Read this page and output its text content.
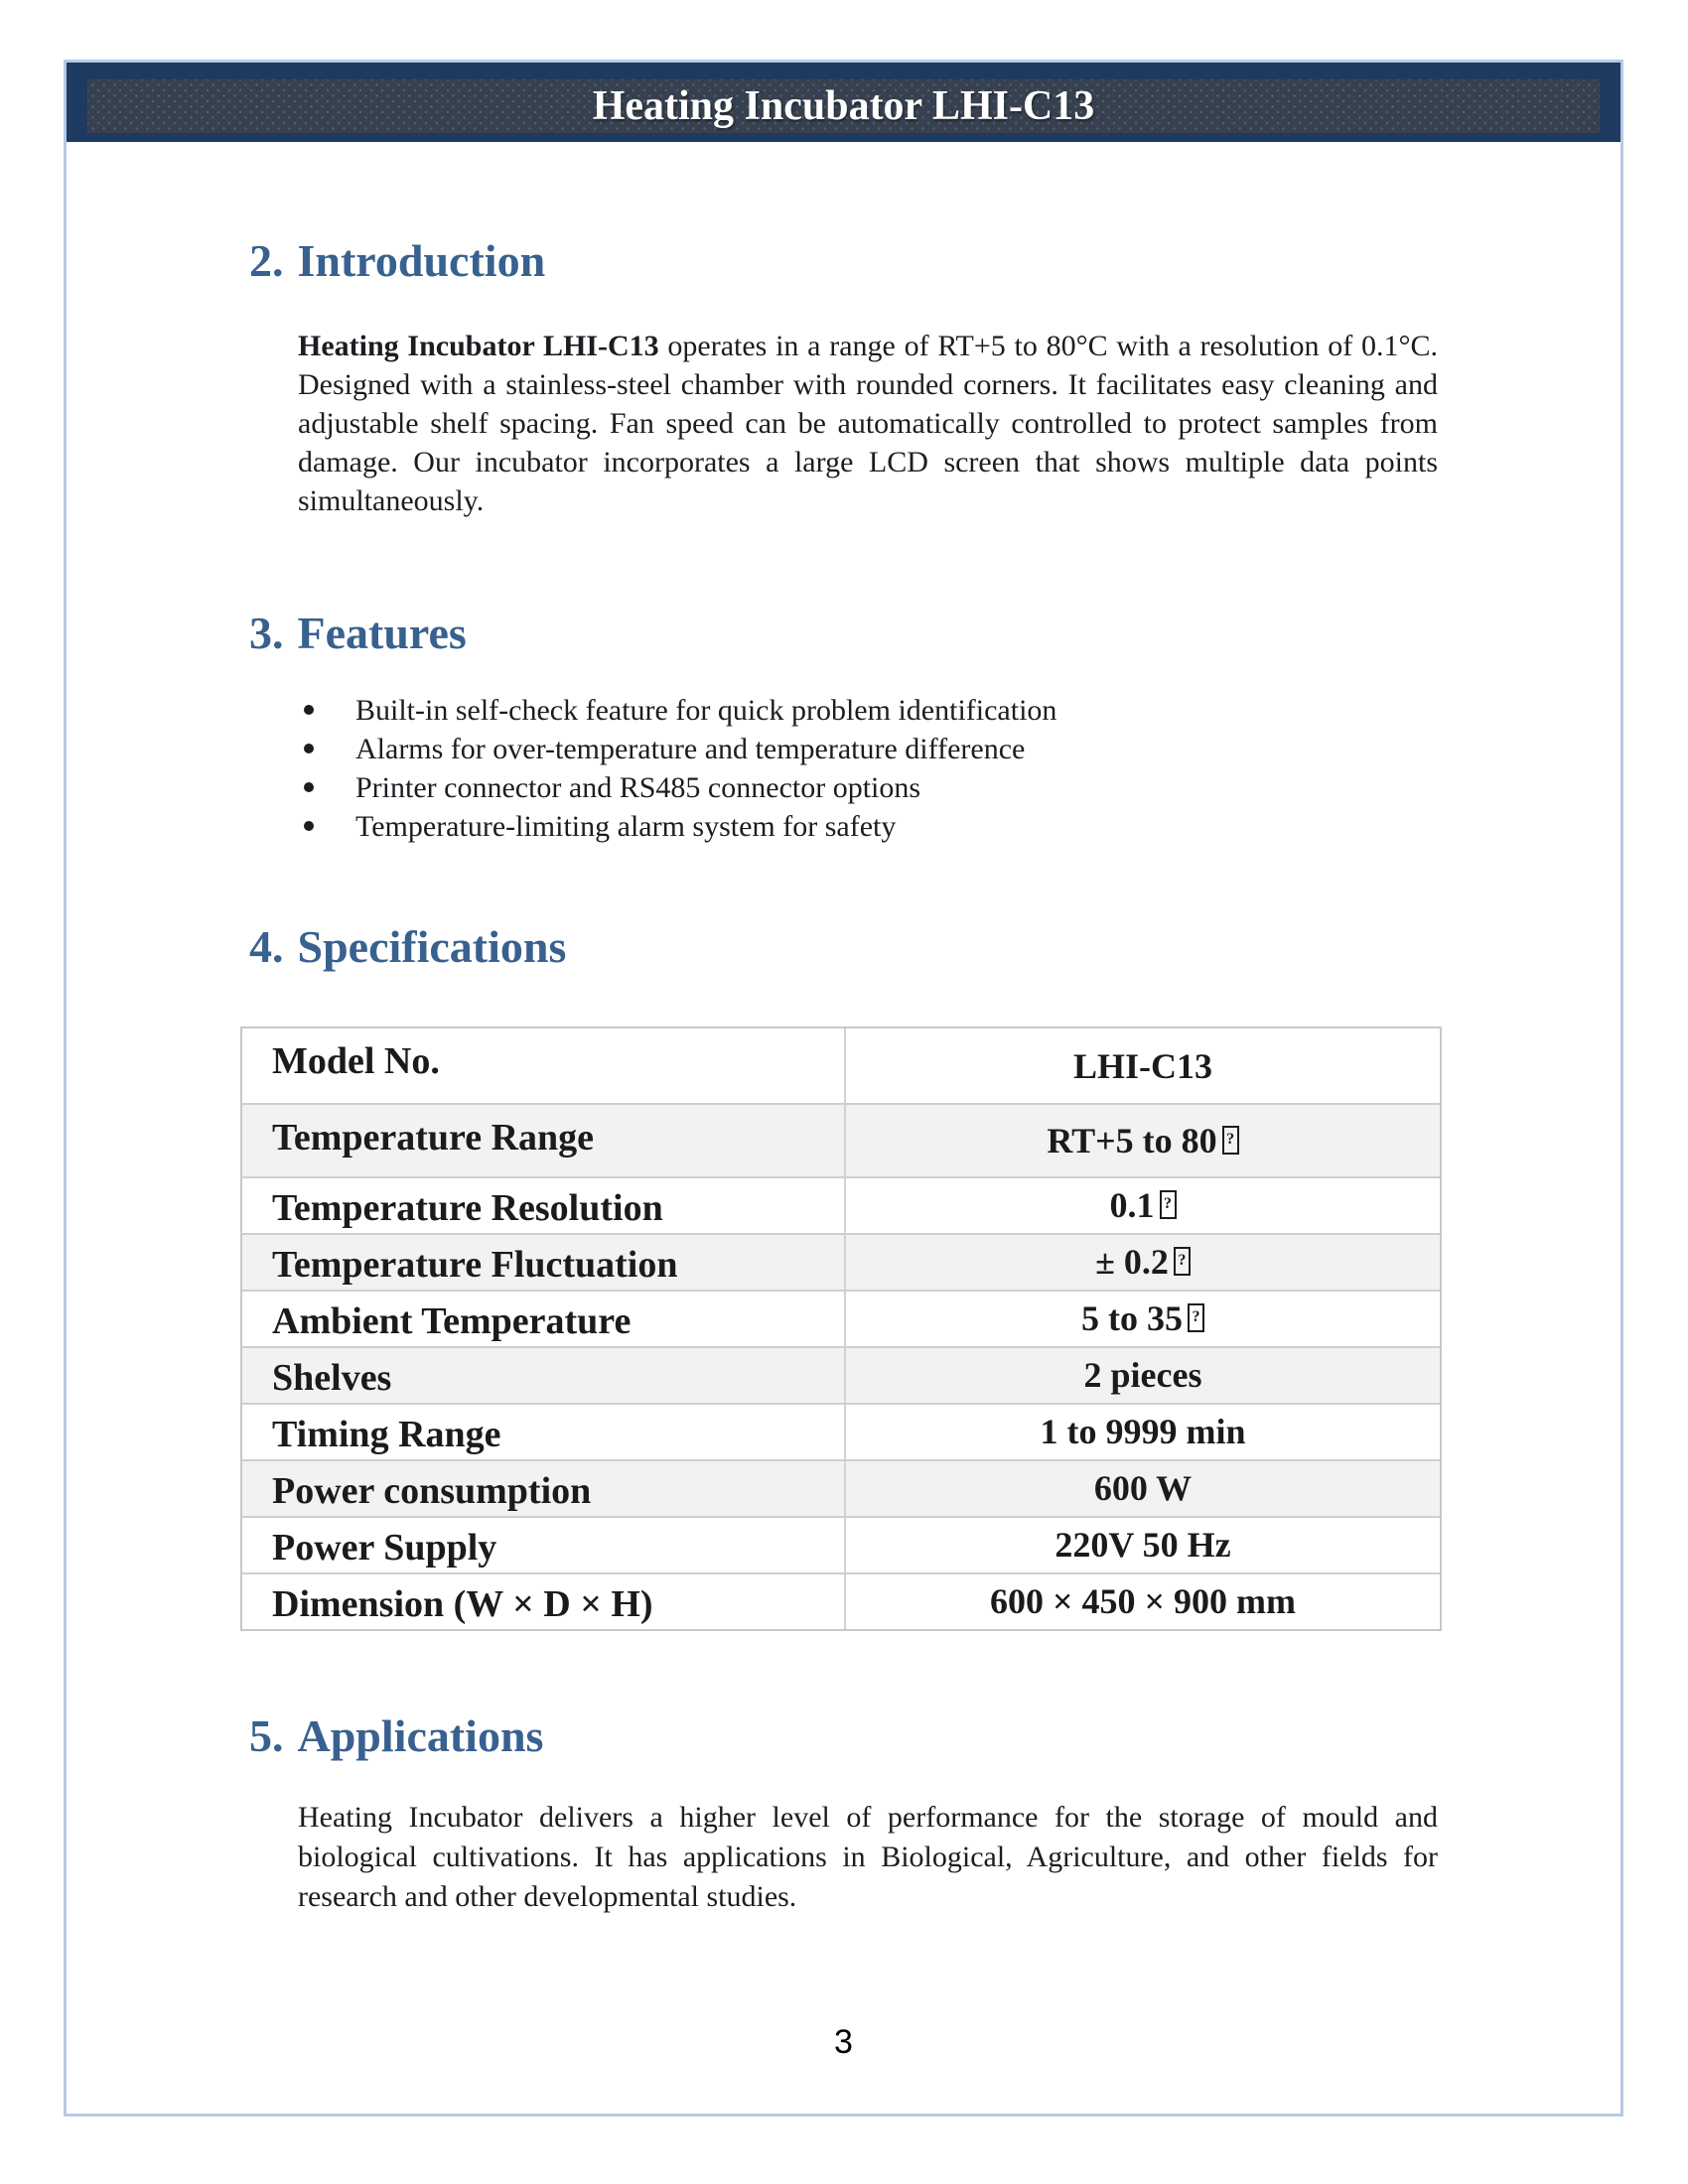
Heating Incubator LHI-C13
2. Introduction
Heating Incubator LHI-C13 operates in a range of RT+5 to 80°C with a resolution of 0.1°C. Designed with a stainless-steel chamber with rounded corners. It facilitates easy cleaning and adjustable shelf spacing. Fan speed can be automatically controlled to protect samples from damage. Our incubator incorporates a large LCD screen that shows multiple data points simultaneously.
3. Features
Built-in self-check feature for quick problem identification
Alarms for over-temperature and temperature difference
Printer connector and RS485 connector options
Temperature-limiting alarm system for safety
4. Specifications
Model No.	LHI-C13
Temperature Range	RT+5 to 80?
Temperature Resolution	0.1?
Temperature Fluctuation	± 0.2?
Ambient Temperature	5 to 35?
Shelves	2 pieces
Timing Range	1 to 9999 min
Power consumption	600 W
Power Supply	220V 50 Hz
Dimension (W × D × H)	600 × 450 × 900 mm
5. Applications
Heating Incubator delivers a higher level of performance for the storage of mould and biological cultivations. It has applications in Biological, Agriculture, and other fields for research and other developmental studies.
3
